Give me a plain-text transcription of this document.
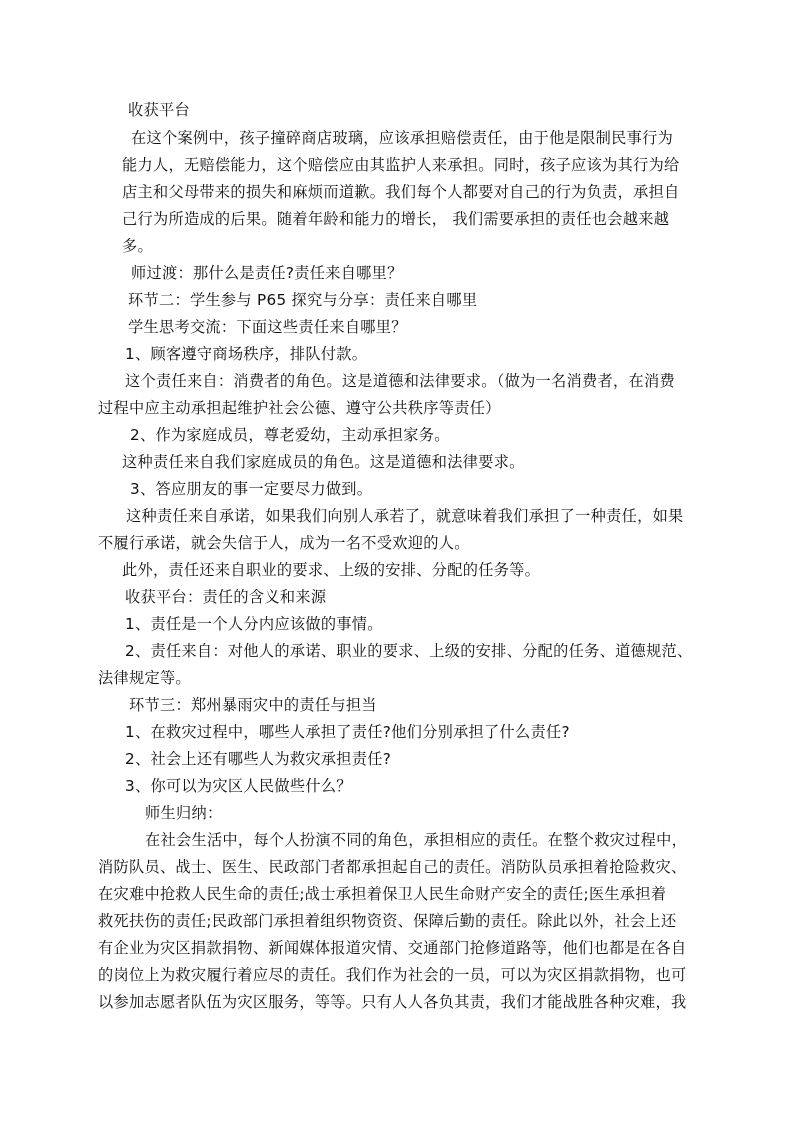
收获平台
在这个案例中，孩子撞碎商店玻璃，应该承担赔偿责任，由于他是限制民事行为
能力人，无赔偿能力，这个赔偿应由其监护人来承担。同时，孩子应该为其行为给
店主和父母带来的损失和麻烦而道歉。我们每个人都要对自己的行为负责，承担自
己行为所造成的后果。随着年龄和能力的增长， 我们需要承担的责任也会越来越
多。
师过渡：那什么是责任?责任来自哪里？
环节二：学生参与 P65 探究与分享：责任来自哪里
学生思考交流：下面这些责任来自哪里？
1、顾客遵守商场秩序，排队付款。
这个责任来自：消费者的角色。这是道德和法律要求。（做为一名消费者，在消费
过程中应主动承担起维护社会公德、遵守公共秩序等责任）
2、作为家庭成员，尊老爱幼，主动承担家务。
这种责任来自我们家庭成员的角色。这是道德和法律要求。
3、答应朋友的事一定要尽力做到。
这种责任来自承诺，如果我们向别人承若了，就意味着我们承担了一种责任，如果
不履行承诺，就会失信于人，成为一名不受欢迎的人。
此外，责任还来自职业的要求、上级的安排、分配的任务等。
收获平台：责任的含义和来源
1、责任是一个人分内应该做的事情。
2、责任来自：对他人的承诺、职业的要求、上级的安排、分配的任务、道德规范、
法律规定等。
环节三：郑州暴雨灾中的责任与担当
1、在救灾过程中，哪些人承担了责任?他们分别承担了什么责任?
2、社会上还有哪些人为救灾承担责任?
3、你可以为灾区人民做些什么？
师生归纳：
在社会生活中，每个人扮演不同的角色，承担相应的责任。在整个救灾过程中，
消防队员、战士、医生、民政部门者都承担起自己的责任。消防队员承担着抢险救灾、
在灾难中抢救人民生命的责任;战士承担着保卫人民生命财产安全的责任;医生承担着
救死扶伤的责任;民政部门承担着组织物资资、保障后勤的责任。除此以外，社会上还
有企业为灾区捐款捐物、新闻媒体报道灾情、交通部门抢修道路等，他们也都是在各自
的岗位上为救灾履行着应尽的责任。我们作为社会的一员，可以为灾区捐款捐物，也可
以参加志愿者队伍为灾区服务，等等。只有人人各负其责，我们才能战胜各种灾难，我
